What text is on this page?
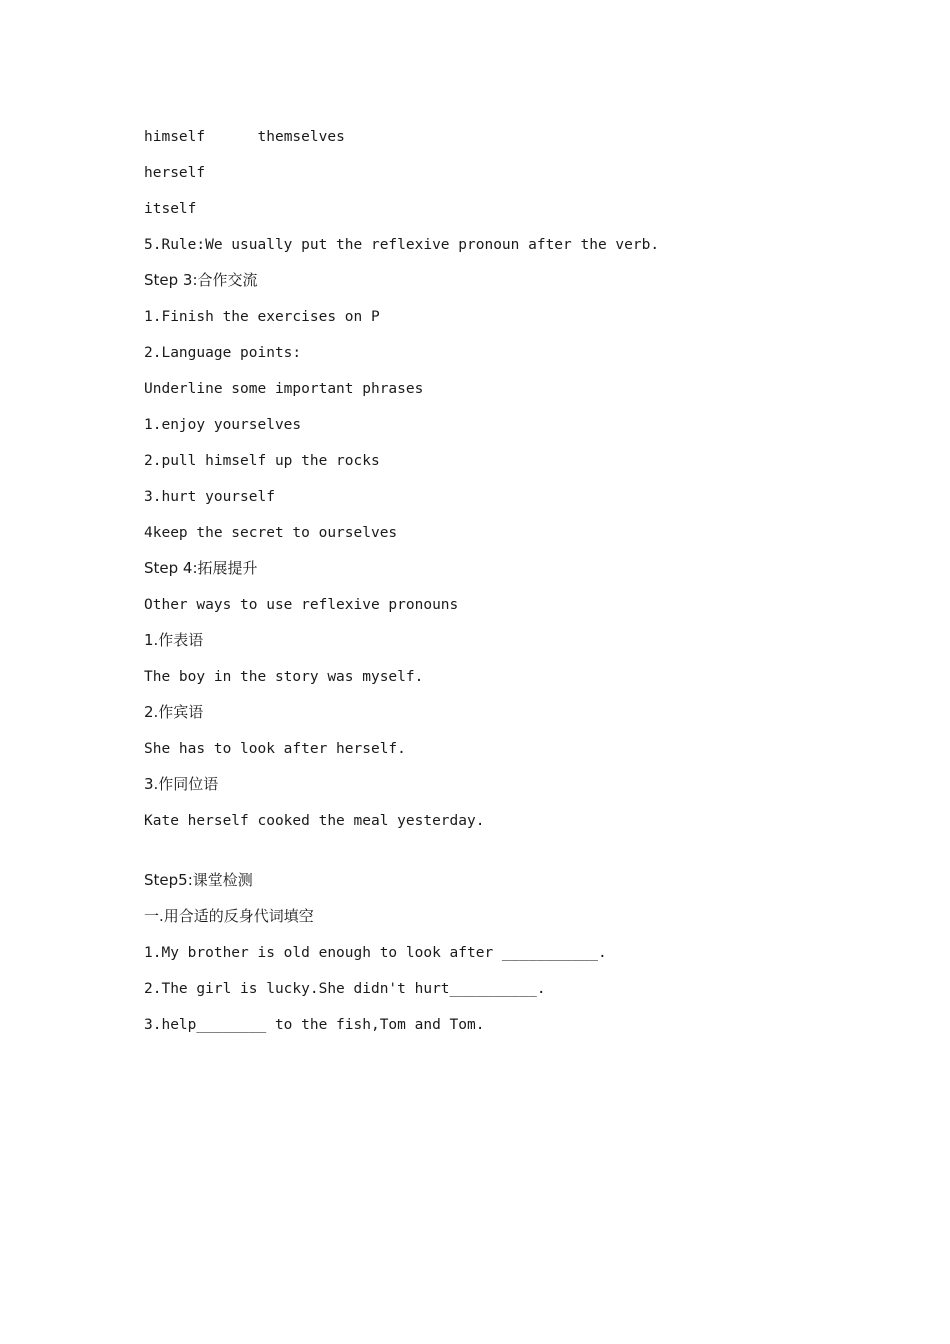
himself	themselves
herself
itself
5.Rule:We usually put the reflexive pronoun after the verb.
Step 3:合作交流
1.Finish the exercises on P
2.Language points:
Underline some important phrases
1.enjoy yourselves
2.pull himself up the rocks
3.hurt yourself
4keep the secret to ourselves
Step 4:拓展提升
Other ways to use reflexive pronouns
1.作表语
The boy in the story was myself.
2.作宾语
She has to look after herself.
3.作同位语
Kate herself cooked the meal yesterday.
Step5:课堂检测
一.用合适的反身代词填空
1.My brother is old enough to look after ___________.
2.The girl is lucky.She didn't hurt__________.
3.help________ to the fish,Tom and Tom.
